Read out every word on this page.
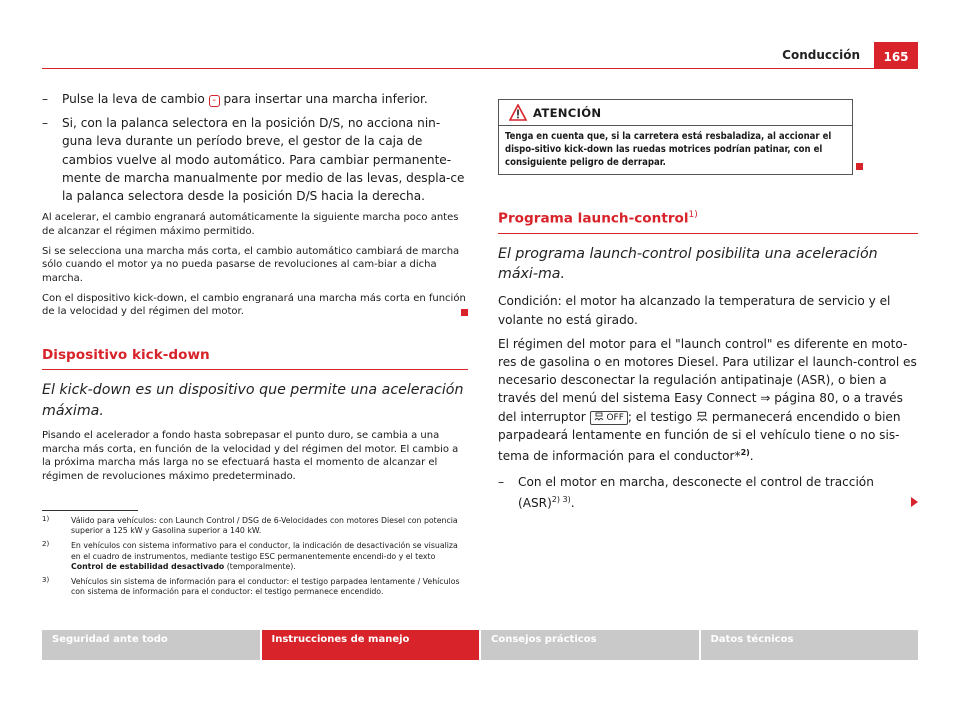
Conducción	165
– Pulse la leva de cambio - para insertar una marcha inferior.
– Si, con la palanca selectora en la posición D/S, no acciona nin-guna leva durante un período breve, el gestor de la caja de cambios vuelve al modo automático. Para cambiar permanente-mente de marcha manualmente por medio de las levas, despla-ce la palanca selectora desde la posición D/S hacia la derecha.

Al acelerar, el cambio engranará automáticamente la siguiente marcha poco antes de alcanzar el régimen máximo permitido.

Si se selecciona una marcha más corta, el cambio automático cambiará de marcha sólo cuando el motor ya no pueda pasarse de revoluciones al cam-biar a dicha marcha.

Con el dispositivo kick-down, el cambio engranará una marcha más corta en función de la velocidad y del régimen del motor.

Dispositivo kick-down

El kick-down es un dispositivo que permite una aceleración máxima.

Pisando el acelerador a fondo hasta sobrepasar el punto duro, se cambia a una marcha más corta, en función de la velocidad y del régimen del motor. El cambio a la próxima marcha más larga no se efectuará hasta el momento de alcanzar el régimen de revoluciones máximo predeterminado.

ATENCIÓN
Tenga en cuenta que, si la carretera está resbaladiza, al accionar el dispo-sitivo kick-down las ruedas motrices podrían patinar, con el consiguiente peligro de derrapar.
Programa launch-control$^{1)}$

El programa launch-control posibilita una aceleración máxi-ma.

Condición: el motor ha alcanzado la temperatura de servicio y el volante no está girado.

El régimen del motor para el "launch control" es diferente en moto-res de gasolina o en motores Diesel. Para utilizar el launch-control es necesario desconectar la regulación antipatinaje (ASR), o bien a través del menú del sistema Easy Connect ⇒ página 80, o a través del interruptor OFF ; el testigo permanecerá encendido o bien parpadeará lentamente en función de si el vehículo tiene o no sis-tema de información para el conductor*$^{2)}$.

– Con el motor en marcha, desconecte el control de tracción (ASR)$^{2) 3)}$.
1)	Válido para vehículos: con Launch Control / DSG de 6-Velocidades con motores Diesel con potencia superior a 125 kW y Gasolina superior a 140 kW.
2)	En vehículos con sistema informativo para el conductor, la indicación de desactivación se visualiza en el cuadro de instrumentos, mediante testigo ESC permanentemente encendi-do y el texto Control de estabilidad desactivado (temporalmente).
3)	Vehículos sin sistema de información para el conductor: el testigo parpadea lentamente / Vehículos con sistema de información para el conductor: el testigo permanece encendido.
Seguridad ante todo	Instrucciones de manejo	Consejos prácticos	Datos técnicos
